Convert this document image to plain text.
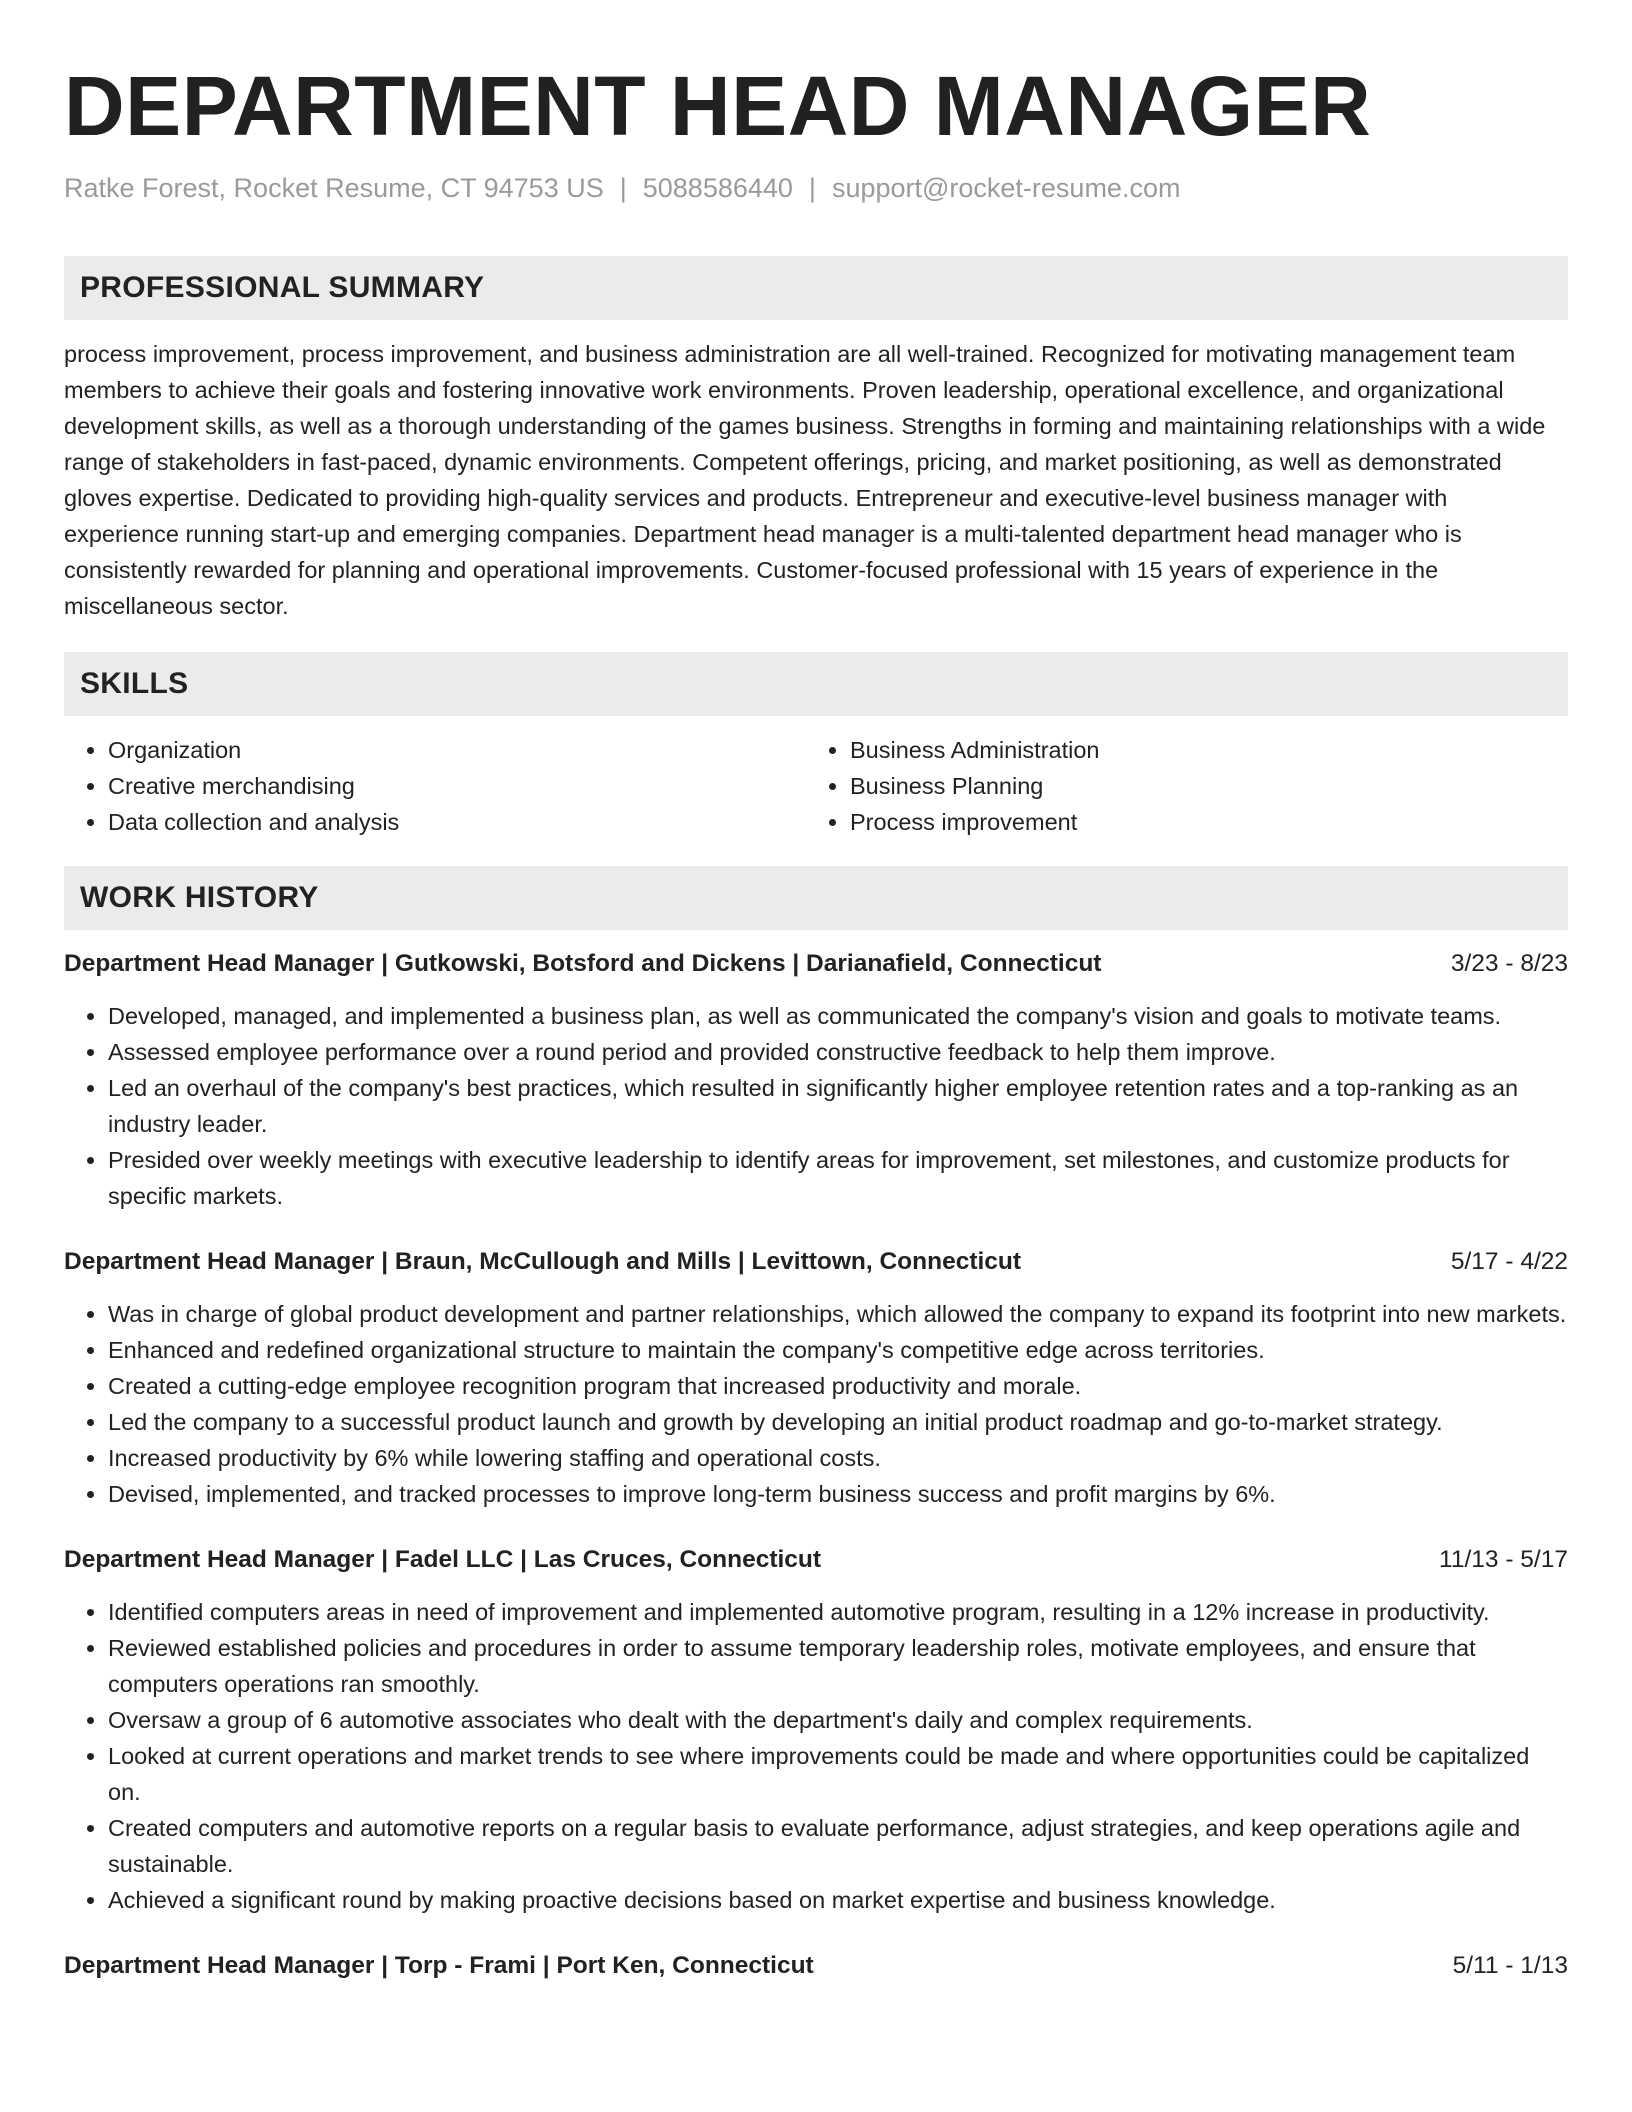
DEPARTMENT HEAD MANAGER
Ratke Forest, Rocket Resume, CT 94753 US | 5088586440 | support@rocket-resume.com
PROFESSIONAL SUMMARY

process improvement, process improvement, and business administration are all well-trained. Recognized for motivating management team members to achieve their goals and fostering innovative work environments. Proven leadership, operational excellence, and organizational development skills, as well as a thorough understanding of the games business. Strengths in forming and maintaining relationships with a wide range of stakeholders in fast-paced, dynamic environments. Competent offerings, pricing, and market positioning, as well as demonstrated gloves expertise. Dedicated to providing high-quality services and products. Entrepreneur and executive-level business manager with experience running start-up and emerging companies. Department head manager is a multi-talented department head manager who is consistently rewarded for planning and operational improvements. Customer-focused professional with 15 years of experience in the miscellaneous sector.

SKILLS
• Organization
• Creative merchandising
• Data collection and analysis
• Business Administration
• Business Planning
• Process improvement
WORK HISTORY
Department Head Manager | Gutkowski, Botsford and Dickens | Darianafield, Connecticut	3/23 - 8/23
• Developed, managed, and implemented a business plan, as well as communicated the company's vision and goals to motivate teams.
• Assessed employee performance over a round period and provided constructive feedback to help them improve.
• Led an overhaul of the company's best practices, which resulted in significantly higher employee retention rates and a top-ranking as an industry leader.
• Presided over weekly meetings with executive leadership to identify areas for improvement, set milestones, and customize products for specific markets.
Department Head Manager | Braun, McCullough and Mills | Levittown, Connecticut	5/17 - 4/22
• Was in charge of global product development and partner relationships, which allowed the company to expand its footprint into new markets.
• Enhanced and redefined organizational structure to maintain the company's competitive edge across territories.
• Created a cutting-edge employee recognition program that increased productivity and morale.
• Led the company to a successful product launch and growth by developing an initial product roadmap and go-to-market strategy.
• Increased productivity by 6% while lowering staffing and operational costs.
• Devised, implemented, and tracked processes to improve long-term business success and profit margins by 6%.
Department Head Manager | Fadel LLC | Las Cruces, Connecticut	11/13 - 5/17
• Identified computers areas in need of improvement and implemented automotive program, resulting in a 12% increase in productivity.
• Reviewed established policies and procedures in order to assume temporary leadership roles, motivate employees, and ensure that computers operations ran smoothly.
• Oversaw a group of 6 automotive associates who dealt with the department's daily and complex requirements.
• Looked at current operations and market trends to see where improvements could be made and where opportunities could be capitalized on.
• Created computers and automotive reports on a regular basis to evaluate performance, adjust strategies, and keep operations agile and sustainable.
• Achieved a significant round by making proactive decisions based on market expertise and business knowledge.
Department Head Manager | Torp - Frami | Port Ken, Connecticut	5/11 - 1/13
